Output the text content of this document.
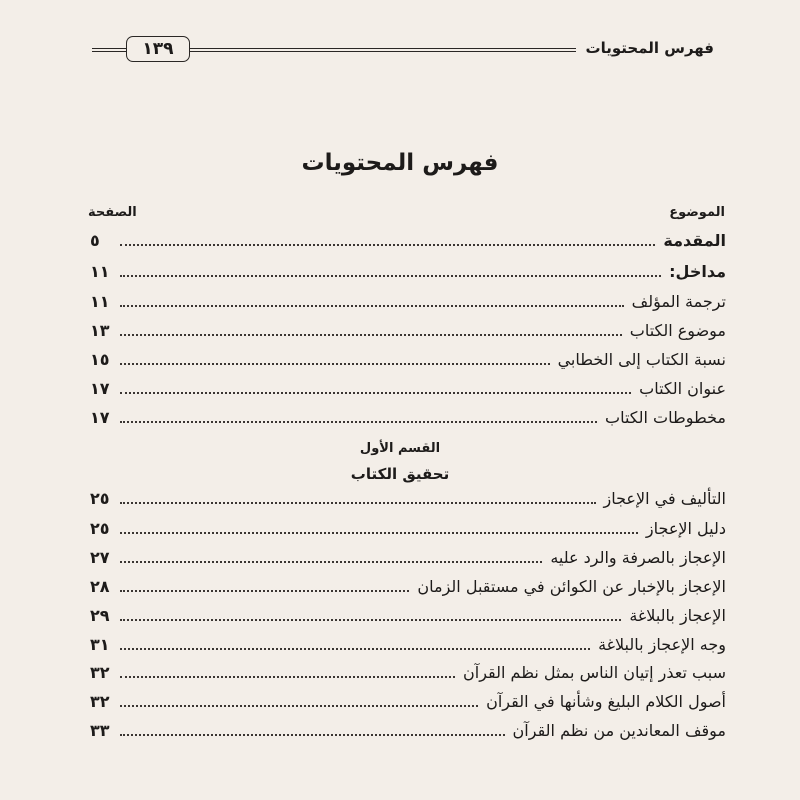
١٣٩	فهرس المحتويات
فهرس المحتويات
الموضوع
الصفحة
المقدمة
٥
مداخل:
١١
ترجمة المؤلف
١١
موضوع الكتاب
١٣
نسبة الكتاب إلى الخطابي
١٥
عنوان الكتاب
١٧
مخطوطات الكتاب
١٧
القسم الأول
تحقيق الكتاب
التأليف في الإعجاز
٢٥
دليل الإعجاز
٢٥
الإعجاز بالصرفة والرد عليه
٢٧
الإعجاز بالإخبار عن الكوائن في مستقبل الزمان
٢٨
الإعجاز بالبلاغة
٢٩
وجه الإعجاز بالبلاغة
٣١
سبب تعذر إتيان الناس بمثل نظم القرآن
٣٢
أصول الكلام البليغ وشأنها في القرآن
٣٢
موقف المعاندين من نظم القرآن
٣٣
